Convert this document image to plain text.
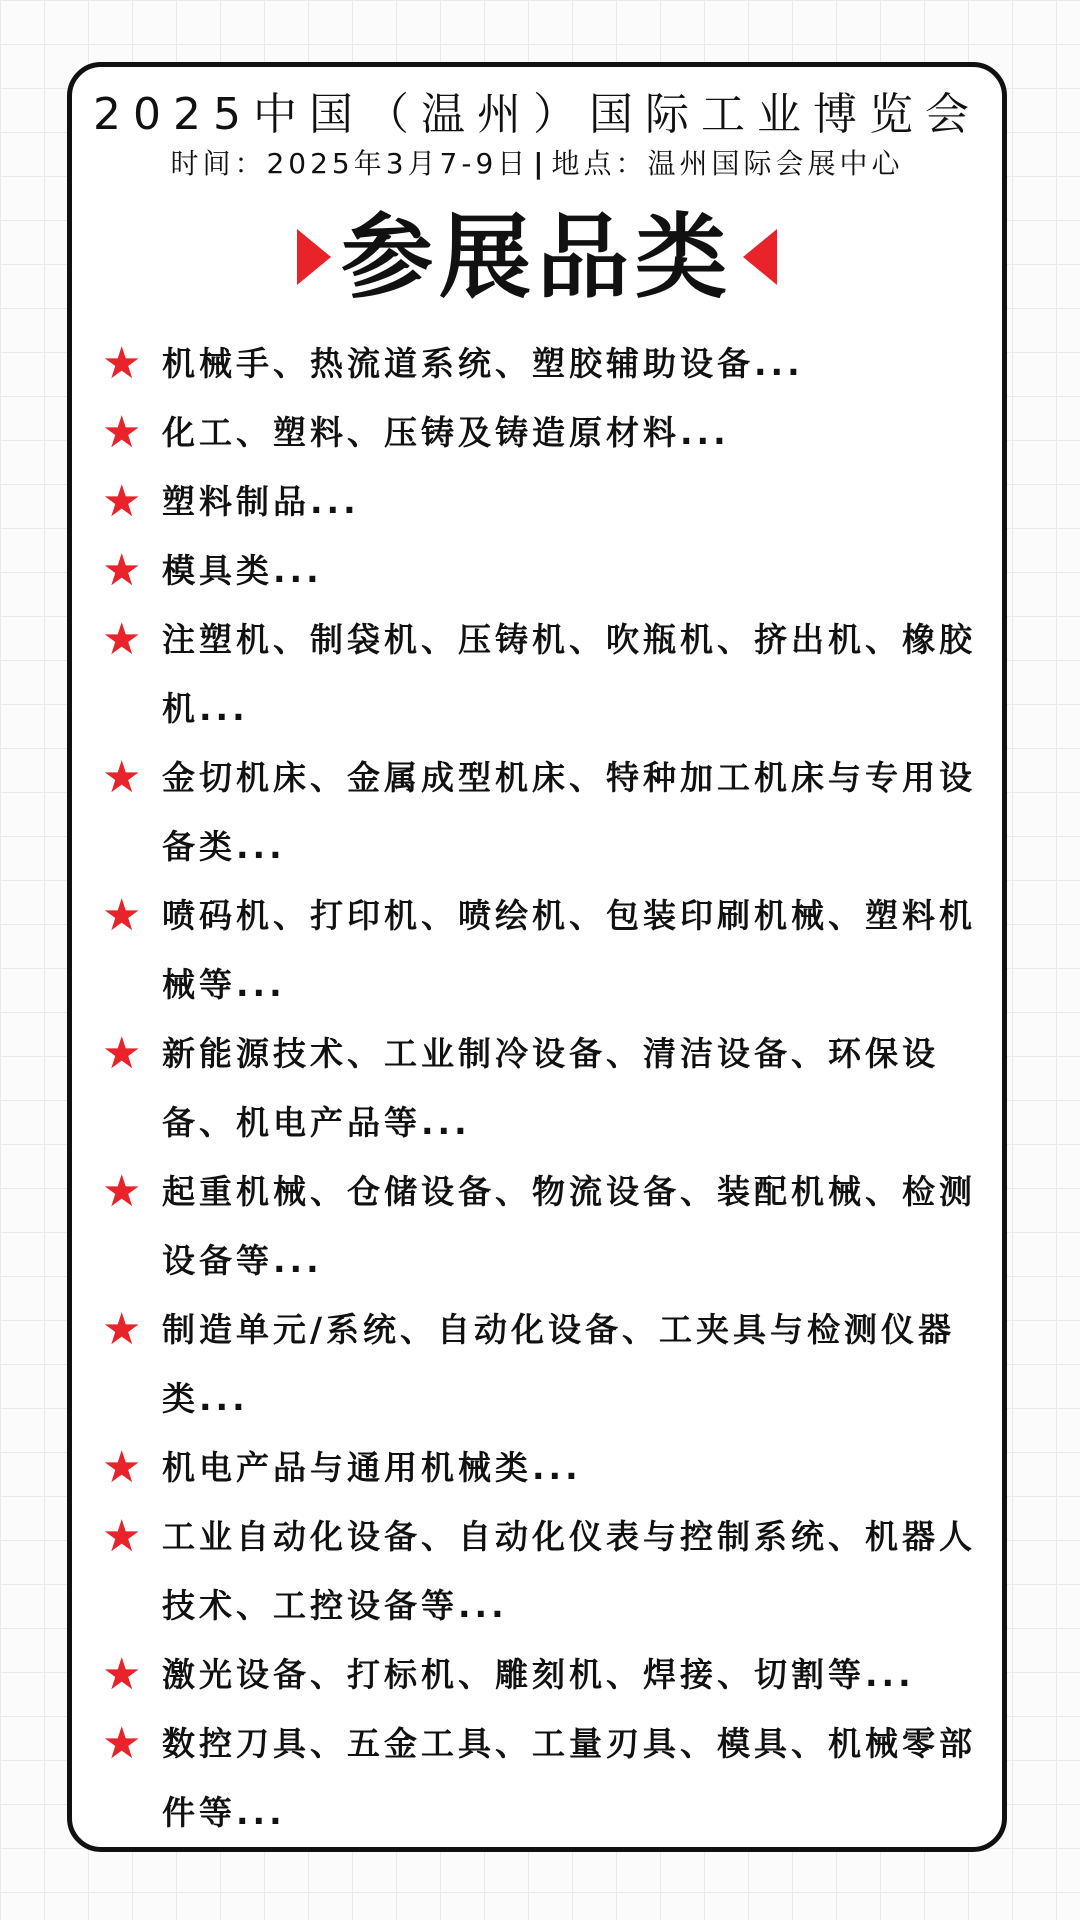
2025中国（温州）国际工业博览会
时间：2025年3月7-9日 | 地点：温州国际会展中心
参展品类
★ 机械手、热流道系统、塑胶辅助设备...
★ 化工、塑料、压铸及铸造原材料...
★ 塑料制品...
★ 模具类...
★ 注塑机、制袋机、压铸机、吹瓶机、挤出机、橡胶机...
★ 金切机床、金属成型机床、特种加工机床与专用设备类...
★ 喷码机、打印机、喷绘机、包装印刷机械、塑料机械等...
★ 新能源技术、工业制冷设备、清洁设备、环保设备、机电产品等...
★ 起重机械、仓储设备、物流设备、装配机械、检测设备等...
★ 制造单元/系统、自动化设备、工夹具与检测仪器类...
★ 机电产品与通用机械类...
★ 工业自动化设备、自动化仪表与控制系统、机器人技术、工控设备等...
★ 激光设备、打标机、雕刻机、焊接、切割等...
★ 数控刀具、五金工具、工量刃具、模具、机械零部件等...
